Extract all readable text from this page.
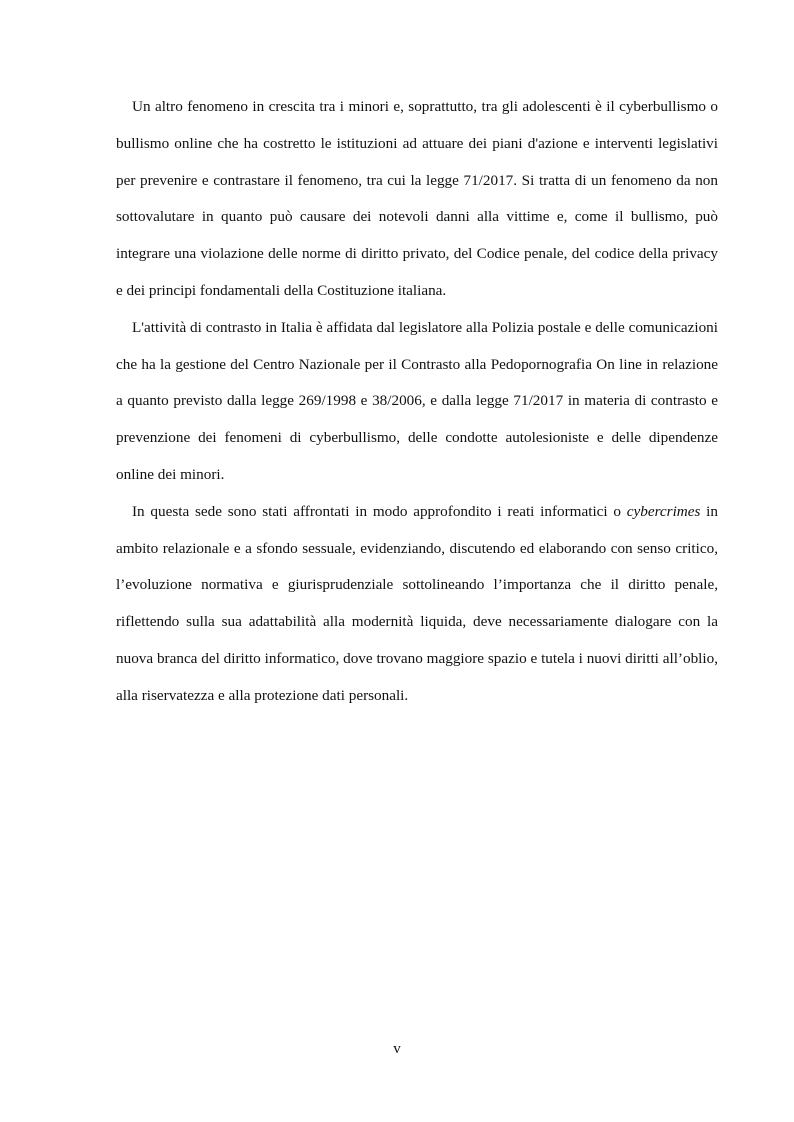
Un altro fenomeno in crescita tra i minori e, soprattutto, tra gli adolescenti è il cyberbullismo o bullismo online che ha costretto le istituzioni ad attuare dei piani d'azione e interventi legislativi per prevenire e contrastare il fenomeno, tra cui la legge 71/2017. Si tratta di un fenomeno da non sottovalutare in quanto può causare dei notevoli danni alla vittime e, come il bullismo, può integrare una violazione delle norme di diritto privato, del Codice penale, del codice della privacy e dei principi fondamentali della Costituzione italiana.

L'attività di contrasto in Italia è affidata dal legislatore alla Polizia postale e delle comunicazioni che ha la gestione del Centro Nazionale per il Contrasto alla Pedopornografia On line in relazione a quanto previsto dalla legge 269/1998 e 38/2006, e dalla legge 71/2017 in materia di contrasto e prevenzione dei fenomeni di cyberbullismo, delle condotte autolesioniste e delle dipendenze online dei minori.

In questa sede sono stati affrontati in modo approfondito i reati informatici o cybercrimes in ambito relazionale e a sfondo sessuale, evidenziando, discutendo ed elaborando con senso critico, l’evoluzione normativa e giurisprudenziale sottolineando l’importanza che il diritto penale, riflettendo sulla sua adattabilità alla modernità liquida, deve necessariamente dialogare con la nuova branca del diritto informatico, dove trovano maggiore spazio e tutela i nuovi diritti all’oblio, alla riservatezza e alla protezione dati personali.

v
